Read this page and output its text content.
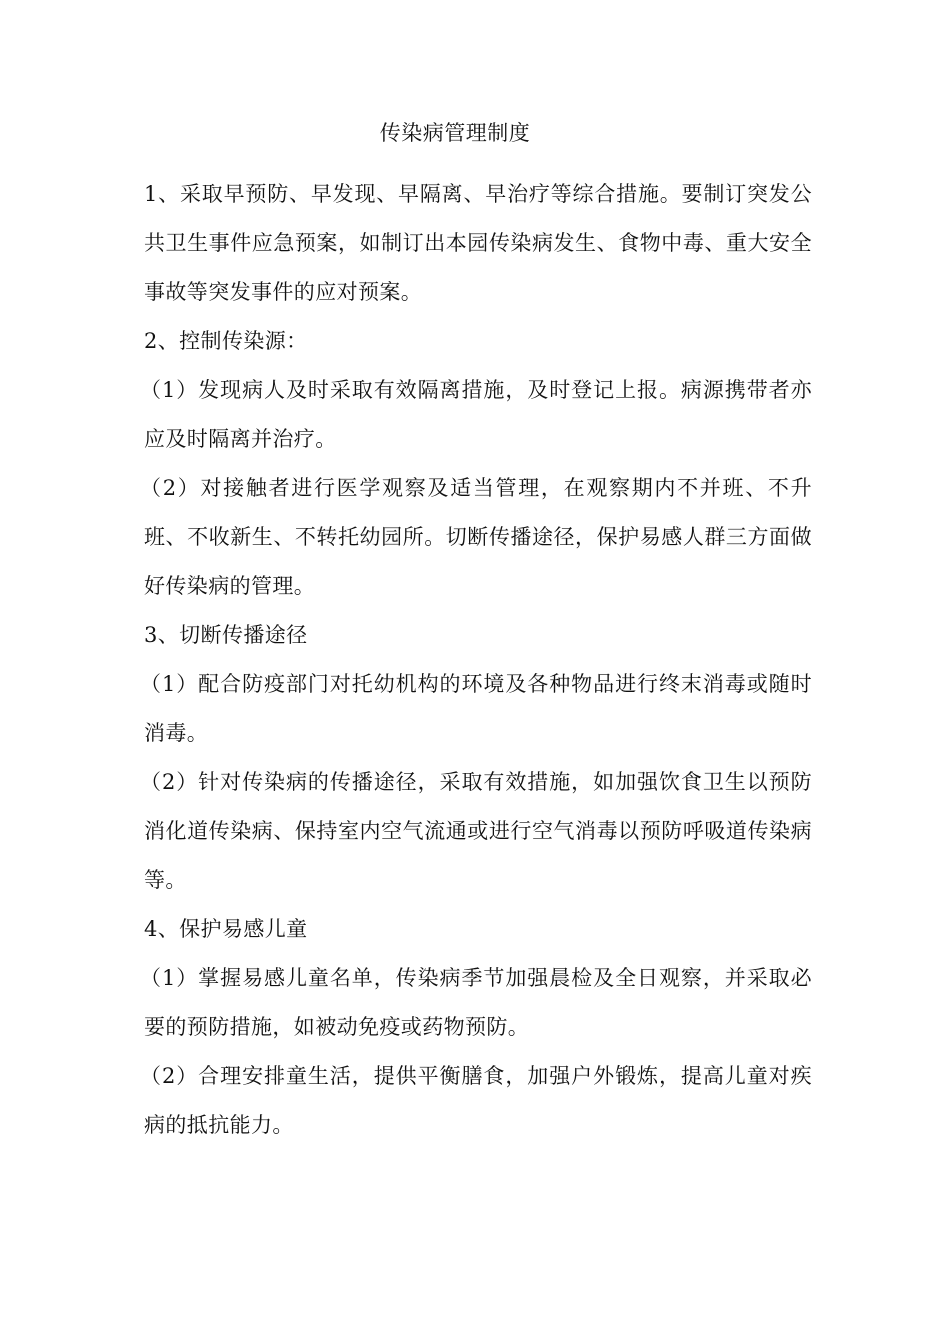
传染病管理制度

1、采取早预防、早发现、早隔离、早治疗等综合措施。要制订突发公共卫生事件应急预案，如制订出本园传染病发生、食物中毒、重大安全事故等突发事件的应对预案。

2、控制传染源：

（1）发现病人及时采取有效隔离措施，及时登记上报。病源携带者亦应及时隔离并治疗。

（2）对接触者进行医学观察及适当管理，在观察期内不并班、不升班、不收新生、不转托幼园所。切断传播途径，保护易感人群三方面做好传染病的管理。

3、切断传播途径

（1）配合防疫部门对托幼机构的环境及各种物品进行终末消毒或随时消毒。

（2）针对传染病的传播途径，采取有效措施，如加强饮食卫生以预防消化道传染病、保持室内空气流通或进行空气消毒以预防呼吸道传染病等。

4、保护易感儿童

（1）掌握易感儿童名单，传染病季节加强晨检及全日观察，并采取必要的预防措施，如被动免疫或药物预防。

（2）合理安排童生活，提供平衡膳食，加强户外锻炼，提高儿童对疾病的抵抗能力。
